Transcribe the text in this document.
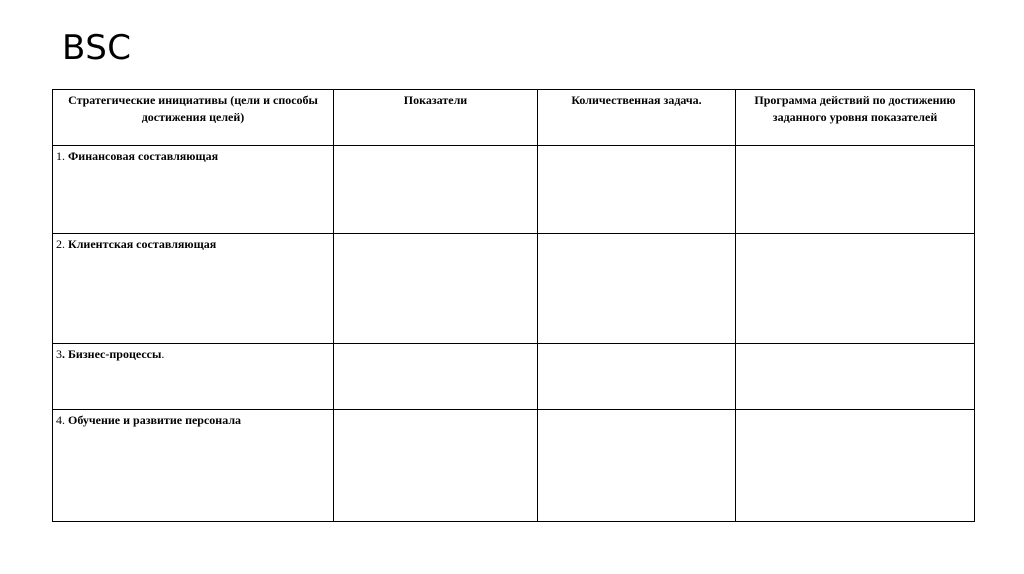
BSC
Стратегические инициативы (цели и способы достижения целей)	Показатели	Количественная задача.	Программа действий по достижению заданного уровня показателей
1. Финансовая составляющая			
2. Клиентская составляющая			
3. Бизнес-процессы.			
4. Обучение и развитие персонала			
